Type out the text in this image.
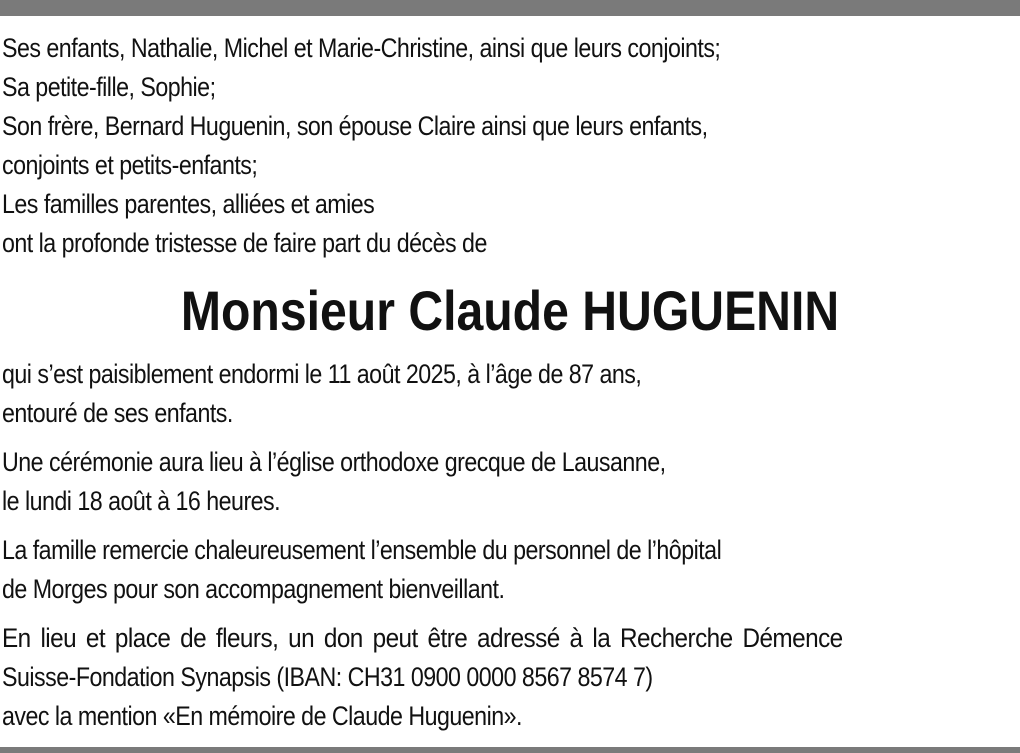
Ses enfants, Nathalie, Michel et Marie-Christine, ainsi que leurs conjoints;
Sa petite-fille, Sophie;
Son frère, Bernard Huguenin, son épouse Claire ainsi que leurs enfants,
conjoints et petits-enfants;
Les familles parentes, alliées et amies
ont la profonde tristesse de faire part du décès de
Monsieur Claude HUGUENIN
qui s’est paisiblement endormi le 11 août 2025, à l’âge de 87 ans,
entouré de ses enfants.
Une cérémonie aura lieu à l’église orthodoxe grecque de Lausanne,
le lundi 18 août à 16 heures.
La famille remercie chaleureusement l’ensemble du personnel de l’hôpital
de Morges pour son accompagnement bienveillant.
En lieu et place de fleurs, un don peut être adressé à la Recherche Démence
Suisse-Fondation Synapsis (IBAN: CH31 0900 0000 8567 8574 7)
avec la mention «En mémoire de Claude Huguenin».
